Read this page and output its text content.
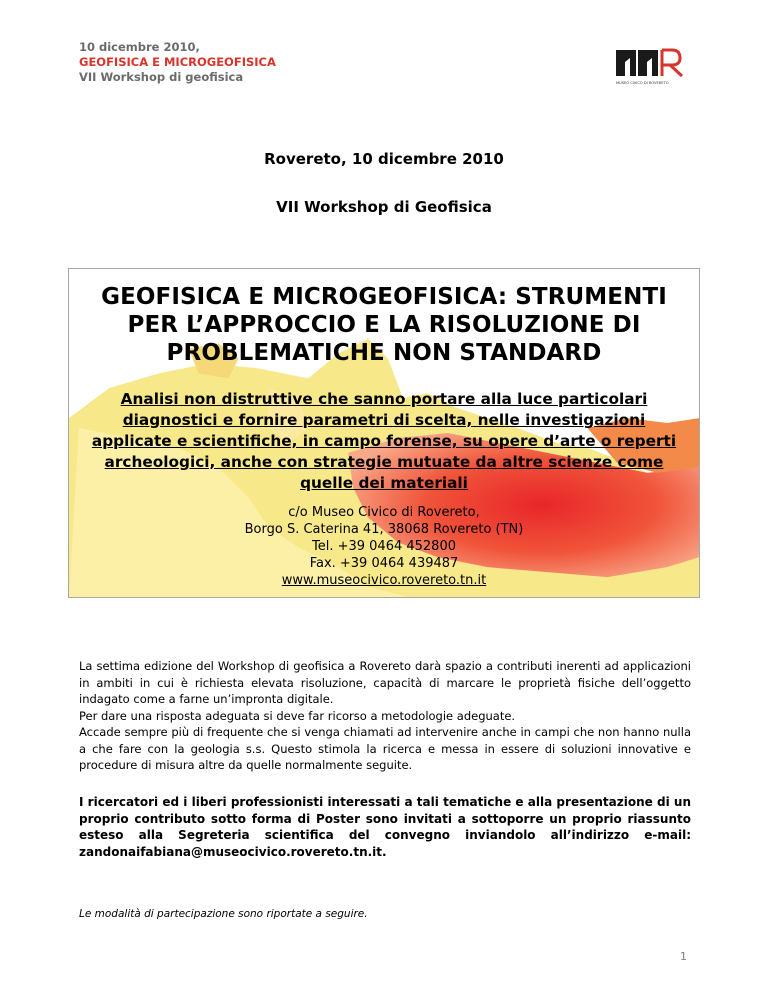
10 dicembre 2010,
GEOFISICA E MICROGEOFISICA
VII Workshop di geofisica	MUSEO CIVICO DI ROVERETO
Rovereto, 10 dicembre 2010
VII Workshop di Geofisica
GEOFISICA E MICROGEOFISICA: STRUMENTI
PER L’APPROCCIO E LA RISOLUZIONE DI
PROBLEMATICHE NON STANDARD
Analisi non distruttive che sanno portare alla luce particolari
diagnostici e fornire parametri di scelta, nelle investigazioni
applicate e scientifiche, in campo forense, su opere d’arte o reperti
archeologici, anche con strategie mutuate da altre scienze come
quelle dei materiali
c/o Museo Civico di Rovereto,
Borgo S. Caterina 41, 38068 Rovereto (TN)
Tel. +39 0464 452800
Fax. +39 0464 439487
www.museocivico.rovereto.tn.it

La settima edizione del Workshop di geofisica a Rovereto darà spazio a contributi inerenti ad applicazioni in ambiti in cui è richiesta elevata risoluzione, capacità di marcare le proprietà fisiche dell’oggetto indagato come a farne un’impronta digitale.

Per dare una risposta adeguata si deve far ricorso a metodologie adeguate.

Accade sempre più di frequente che si venga chiamati ad intervenire anche in campi che non hanno nulla a che fare con la geologia s.s. Questo stimola la ricerca e messa in essere di soluzioni innovative e procedure di misura altre da quelle normalmente seguite.

I ricercatori ed i liberi professionisti interessati a tali tematiche e alla presentazione di un proprio contributo sotto forma di Poster sono invitati a sottoporre un proprio riassunto esteso alla Segreteria scientifica del convegno inviandolo all’indirizzo e-mail: zandonaifabiana@museocivico.rovereto.tn.it.
Le modalità di partecipazione sono riportate a seguire.
1
